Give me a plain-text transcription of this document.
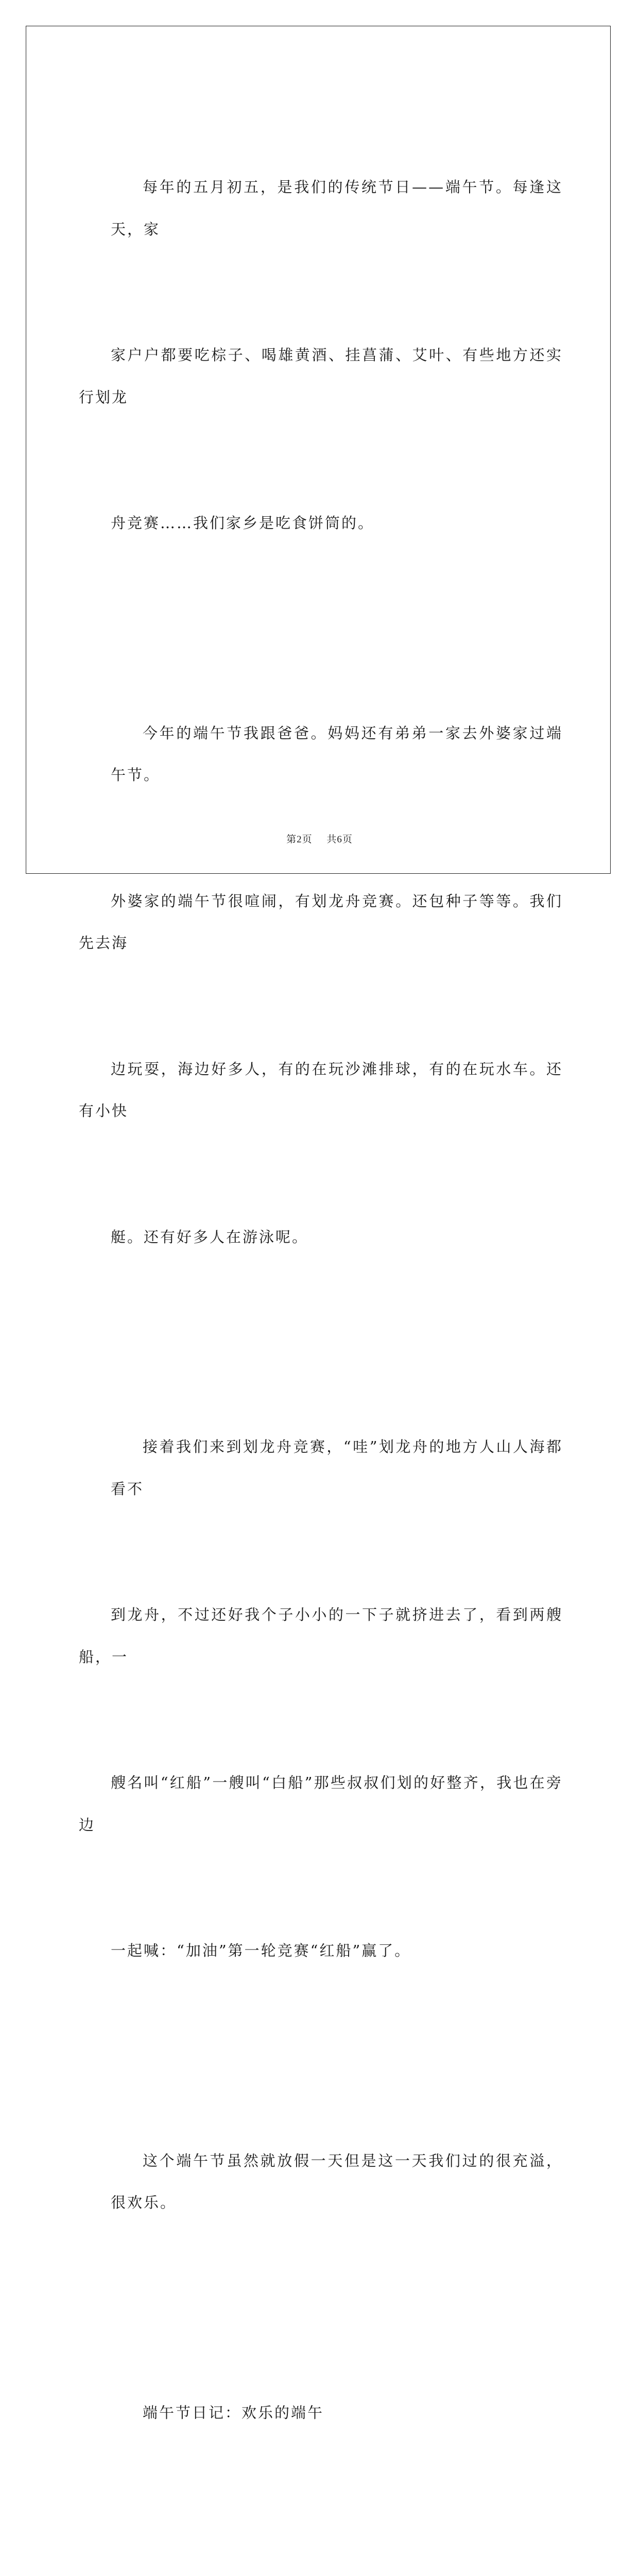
每年的五月初五，是我们的传统节日——端午节。每逢这天，家

家户户都要吃棕子、喝雄黄酒、挂菖蒲、艾叶、有些地方还实行划龙

舟竞赛……我们家乡是吃食饼筒的。

今年的端午节我跟爸爸。妈妈还有弟弟一家去外婆家过端午节。

外婆家的端午节很喧闹，有划龙舟竞赛。还包种子等等。我们先去海

边玩耍，海边好多人，有的在玩沙滩排球，有的在玩水车。还有小快

艇。还有好多人在游泳呢。

接着我们来到划龙舟竞赛，“哇”划龙舟的地方人山人海都看不

到龙舟，不过还好我个子小小的一下子就挤进去了，看到两艘船，一

艘名叫“红船”一艘叫“白船”那些叔叔们划的好整齐，我也在旁边

一起喊：“加油”第一轮竞赛“红船”赢了。

这个端午节虽然就放假一天但是这一天我们过的很充溢，很欢乐。

端午节日记：欢乐的端午

第2页 共6页
